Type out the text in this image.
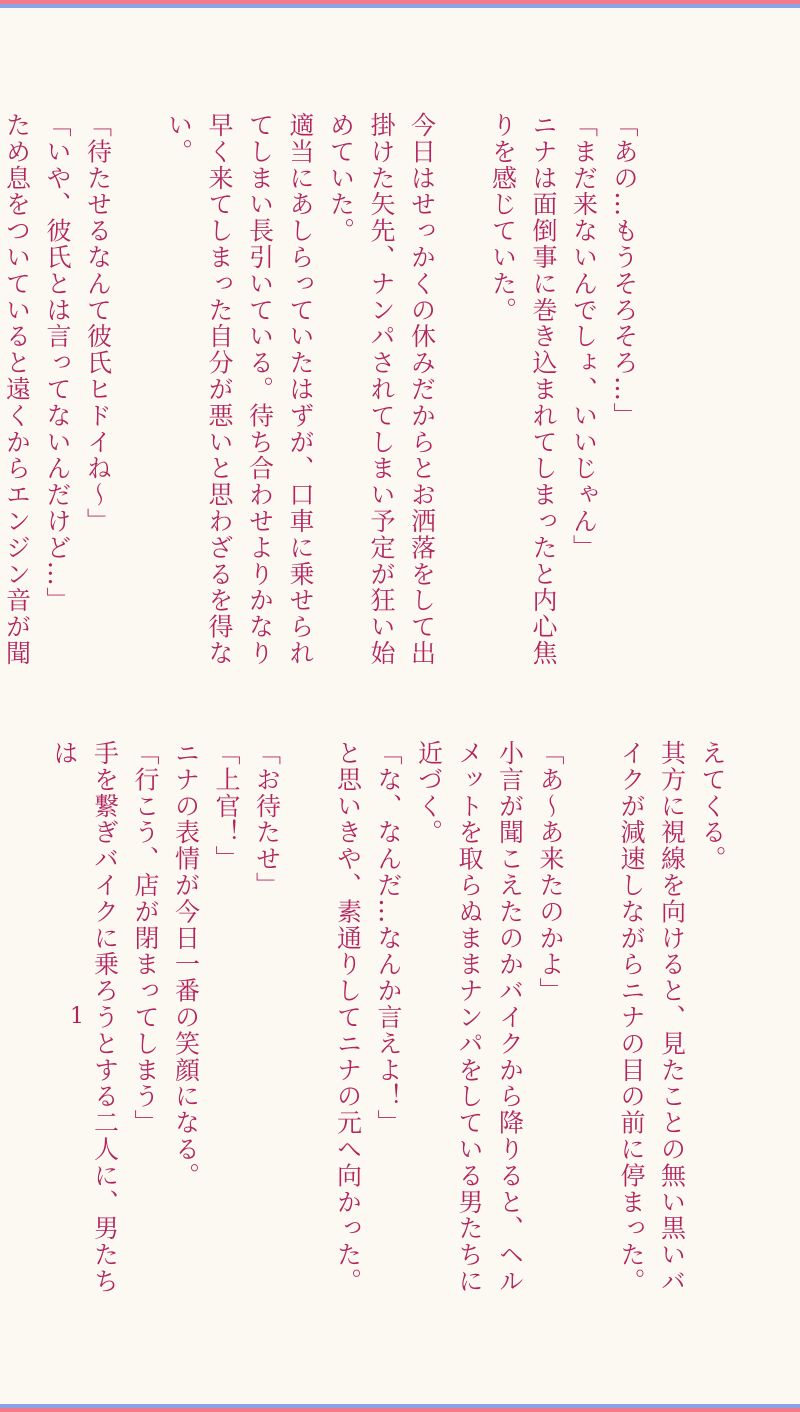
「あの…もうそろそろ…」

「まだ来ないんでしょ、いいじゃん」

ニナは面倒事に巻き込まれてしまったと内心焦りを感じていた。

今日はせっかくの休みだからとお洒落をして出掛けた矢先、ナンパされてしまい予定が狂い始めていた。

適当にあしらっていたはずが、口車に乗せられてしまい長引いている。待ち合わせよりかなり早く来てしまった自分が悪いと思わざるを得ない。

「待たせるなんて彼氏ヒドイね～」

「いや、彼氏とは言ってないんだけど…」

ため息をついていると遠くからエンジン音が聞

えてくる。

其方に視線を向けると、見たことの無い黒いバイクが減速しながらニナの目の前に停まった。

「あ～あ来たのかよ」

小言が聞こえたのかバイクから降りると、ヘルメットを取らぬままナンパをしている男たちに近づく。

「な、なんだ…なんか言えよ！」

と思いきや、素通りしてニナの元へ向かった。

「お待たせ」

「上官！」

ニナの表情が今日一番の笑顔になる。

「行こう、店が閉まってしまう」

手を繋ぎバイクに乗ろうとする二人に、男たちは

1
